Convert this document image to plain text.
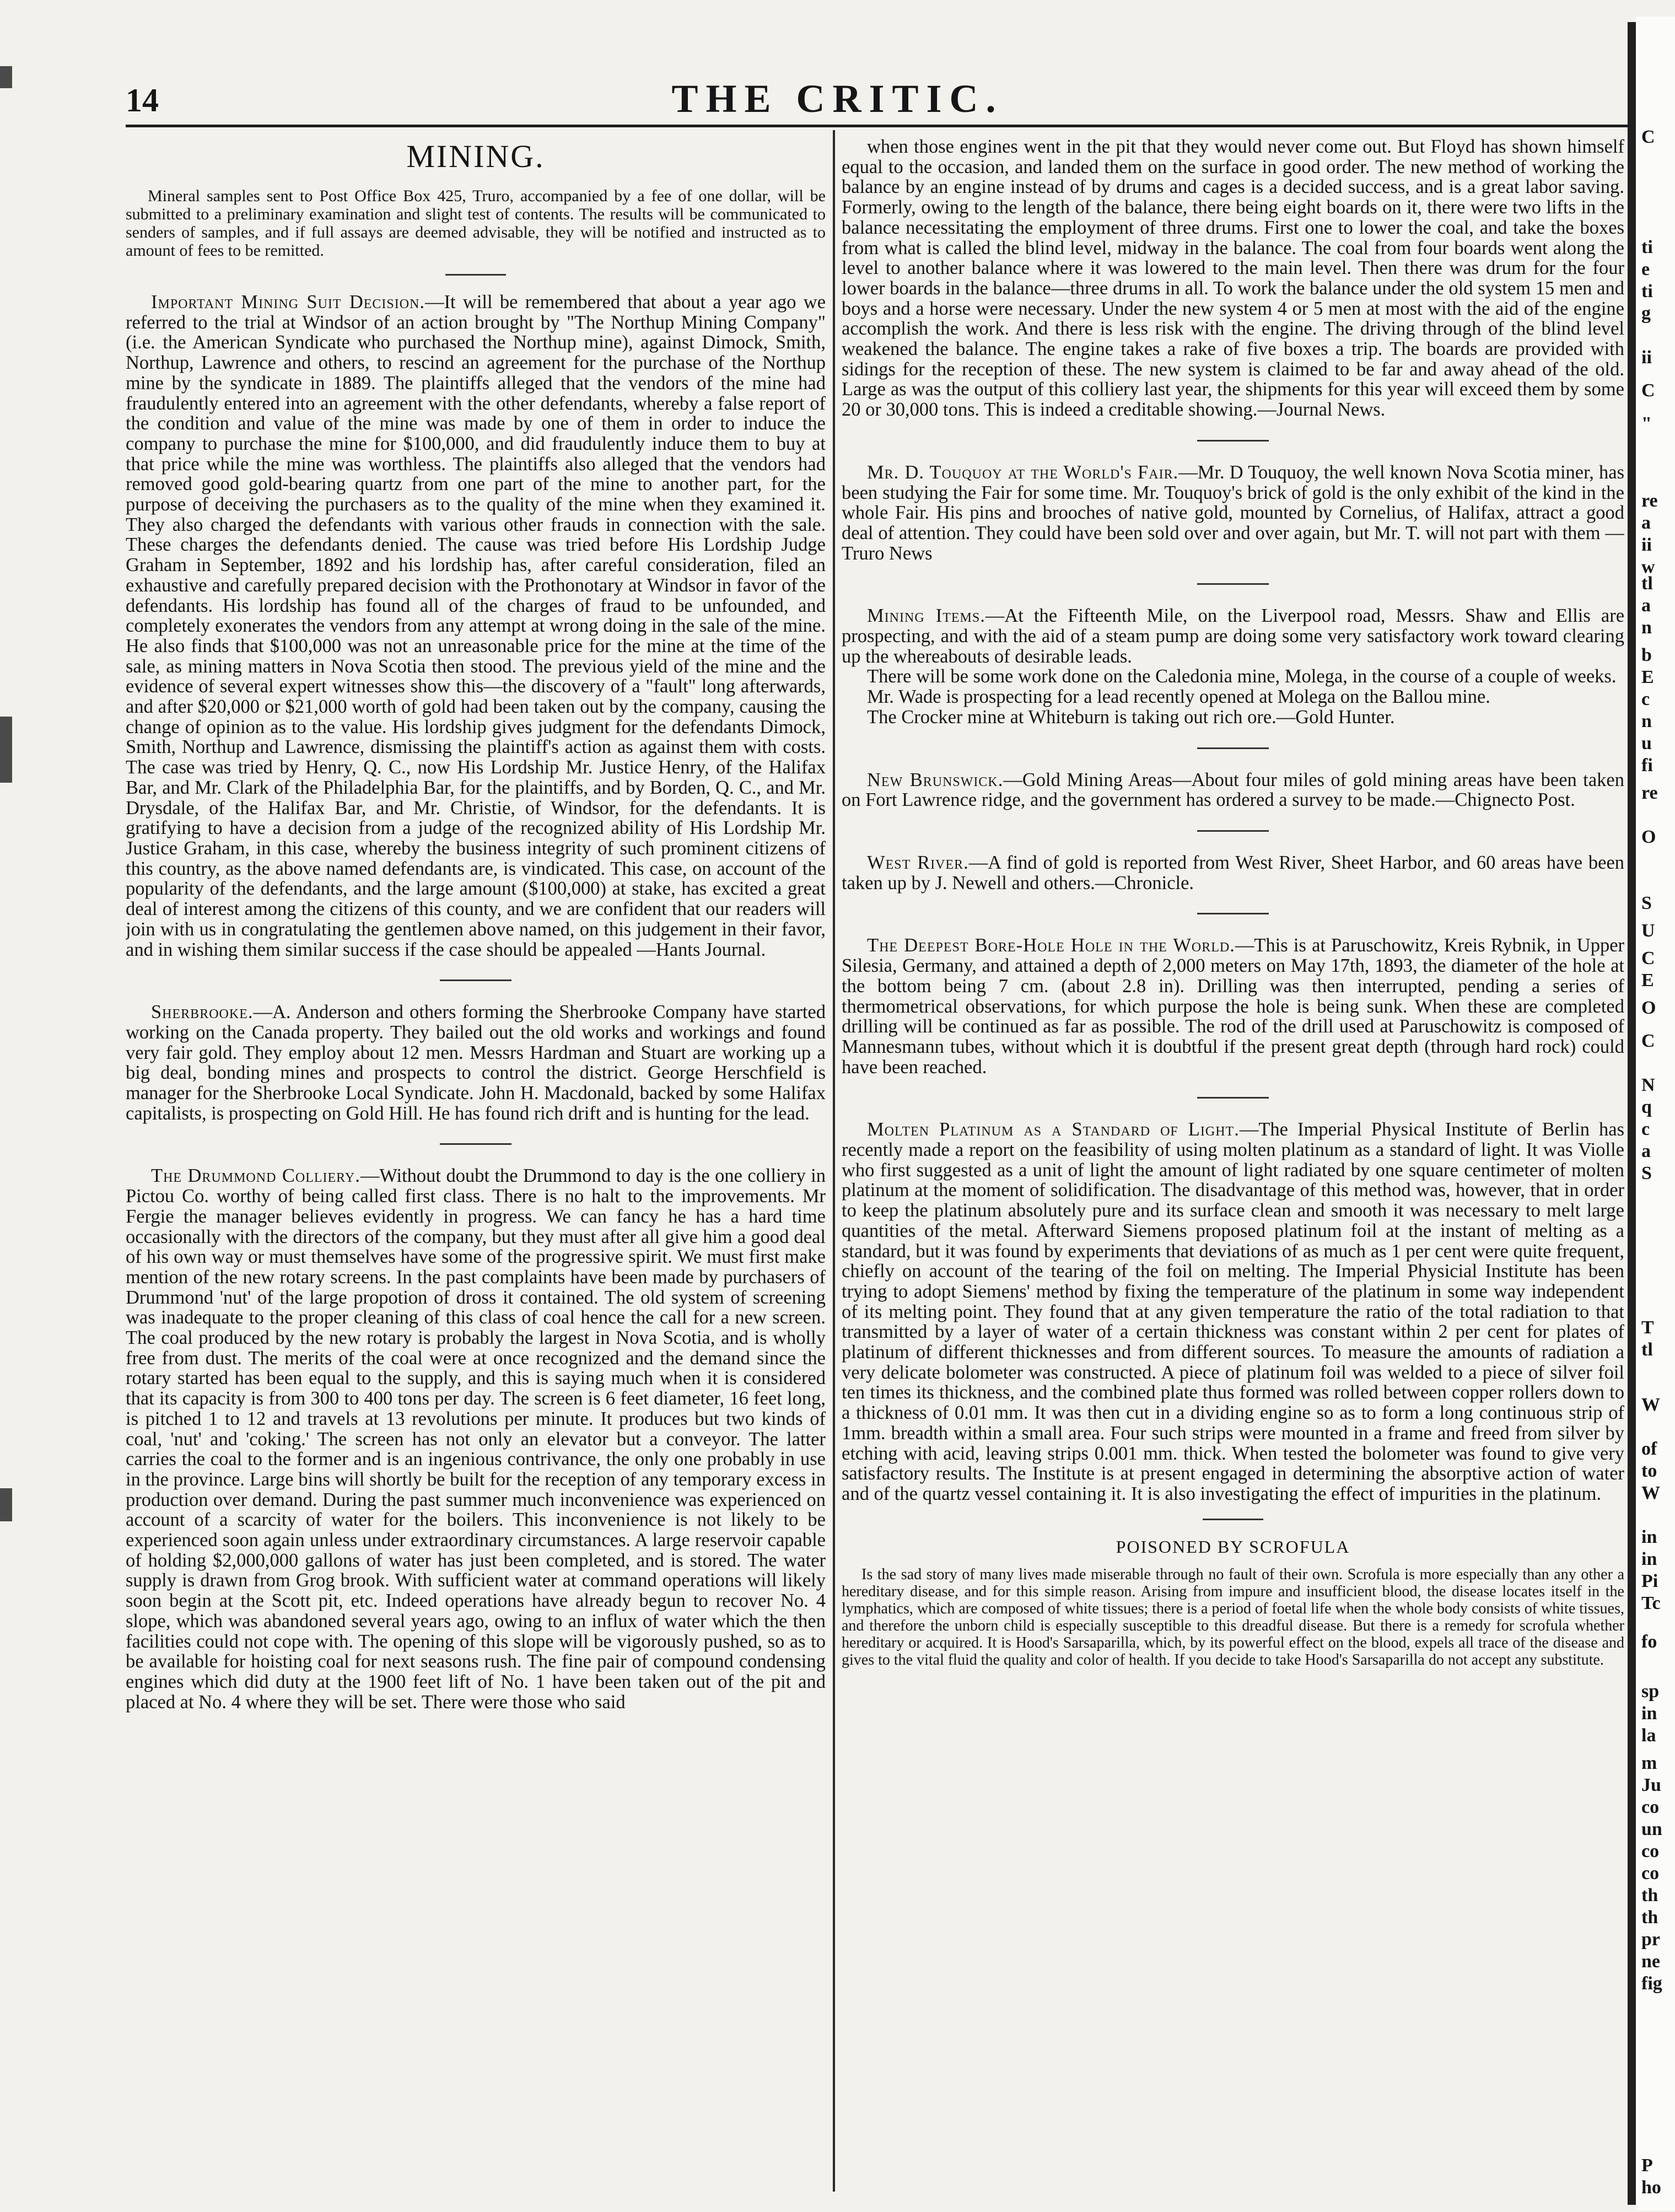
14	THE CRITIC.
MINING.

Mineral samples sent to Post Office Box 425, Truro, accompanied by a fee of one dollar, will be submitted to a preliminary examination and slight test of contents. The results will be communicated to senders of samples, and if full assays are deemed advisable, they will be notified and instructed as to amount of fees to be remitted.

Important Mining Suit Decision.—It will be remembered that about a year ago we referred to the trial at Windsor of an action brought by "The Northup Mining Company" (i.e. the American Syndicate who purchased the Northup mine), against Dimock, Smith, Northup, Lawrence and others, to rescind an agreement for the purchase of the Northup mine by the syndicate in 1889. The plaintiffs alleged that the vendors of the mine had fraudulently entered into an agreement with the other defendants, whereby a false report of the condition and value of the mine was made by one of them in order to induce the company to purchase the mine for $100,000, and did fraudulently induce them to buy at that price while the mine was worthless. The plaintiffs also alleged that the vendors had removed good gold-bearing quartz from one part of the mine to another part, for the purpose of deceiving the purchasers as to the quality of the mine when they examined it. They also charged the defendants with various other frauds in connection with the sale. These charges the defendants denied. The cause was tried before His Lordship Judge Graham in September, 1892 and his lordship has, after careful consideration, filed an exhaustive and carefully prepared decision with the Prothonotary at Windsor in favor of the defendants. His lordship has found all of the charges of fraud to be unfounded, and completely exonerates the vendors from any attempt at wrong doing in the sale of the mine. He also finds that $100,000 was not an unreasonable price for the mine at the time of the sale, as mining matters in Nova Scotia then stood. The previous yield of the mine and the evidence of several expert witnesses show this—the discovery of a "fault" long afterwards, and after $20,000 or $21,000 worth of gold had been taken out by the company, causing the change of opinion as to the value. His lordship gives judgment for the defendants Dimock, Smith, Northup and Lawrence, dismissing the plaintiff's action as against them with costs. The case was tried by Henry, Q. C., now His Lordship Mr. Justice Henry, of the Halifax Bar, and Mr. Clark of the Philadelphia Bar, for the plaintiffs, and by Borden, Q. C., and Mr. Drysdale, of the Halifax Bar, and Mr. Christie, of Windsor, for the defendants. It is gratifying to have a decision from a judge of the recognized ability of His Lordship Mr. Justice Graham, in this case, whereby the business integrity of such prominent citizens of this country, as the above named defendants are, is vindicated. This case, on account of the popularity of the defendants, and the large amount ($100,000) at stake, has excited a great deal of interest among the citizens of this county, and we are confident that our readers will join with us in congratulating the gentlemen above named, on this judgement in their favor, and in wishing them similar success if the case should be appealed —Hants Journal.

Sherbrooke.—A. Anderson and others forming the Sherbrooke Company have started working on the Canada property. They bailed out the old works and workings and found very fair gold. They employ about 12 men. Messrs Hardman and Stuart are working up a big deal, bonding mines and prospects to control the district. George Herschfield is manager for the Sherbrooke Local Syndicate. John H. Macdonald, backed by some Halifax capitalists, is prospecting on Gold Hill. He has found rich drift and is hunting for the lead.

The Drummond Colliery.—Without doubt the Drummond to day is the one colliery in Pictou Co. worthy of being called first class. There is no halt to the improvements. Mr Fergie the manager believes evidently in progress. We can fancy he has a hard time occasionally with the directors of the company, but they must after all give him a good deal of his own way or must themselves have some of the progressive spirit. We must first make mention of the new rotary screens. In the past complaints have been made by purchasers of Drummond 'nut' of the large propotion of dross it contained. The old system of screening was inadequate to the proper cleaning of this class of coal hence the call for a new screen. The coal produced by the new rotary is probably the largest in Nova Scotia, and is wholly free from dust. The merits of the coal were at once recognized and the demand since the rotary started has been equal to the supply, and this is saying much when it is considered that its capacity is from 300 to 400 tons per day. The screen is 6 feet diameter, 16 feet long, is pitched 1 to 12 and travels at 13 revolutions per minute. It produces but two kinds of coal, 'nut' and 'coking.' The screen has not only an elevator but a conveyor. The latter carries the coal to the former and is an ingenious contrivance, the only one probably in use in the province. Large bins will shortly be built for the reception of any temporary excess in production over demand. During the past summer much inconvenience was experienced on account of a scarcity of water for the boilers. This inconvenience is not likely to be experienced soon again unless under extraordinary circumstances. A large reservoir capable of holding $2,000,000 gallons of water has just been completed, and is stored. The water supply is drawn from Grog brook. With sufficient water at command operations will likely soon begin at the Scott pit, etc. Indeed operations have already begun to recover No. 4 slope, which was abandoned several years ago, owing to an influx of water which the then facilities could not cope with. The opening of this slope will be vigorously pushed, so as to be available for hoisting coal for next seasons rush. The fine pair of compound condensing engines which did duty at the 1900 feet lift of No. 1 have been taken out of the pit and placed at No. 4 where they will be set. There were those who said

when those engines went in the pit that they would never come out. But Floyd has shown himself equal to the occasion, and landed them on the surface in good order. The new method of working the balance by an engine instead of by drums and cages is a decided success, and is a great labor saving. Formerly, owing to the length of the balance, there being eight boards on it, there were two lifts in the balance necessitating the employment of three drums. First one to lower the coal, and take the boxes from what is called the blind level, midway in the balance. The coal from four boards went along the level to another balance where it was lowered to the main level. Then there was drum for the four lower boards in the balance—three drums in all. To work the balance under the old system 15 men and boys and a horse were necessary. Under the new system 4 or 5 men at most with the aid of the engine accomplish the work. And there is less risk with the engine. The driving through of the blind level weakened the balance. The engine takes a rake of five boxes a trip. The boards are provided with sidings for the reception of these. The new system is claimed to be far and away ahead of the old. Large as was the output of this colliery last year, the shipments for this year will exceed them by some 20 or 30,000 tons. This is indeed a creditable showing.—Journal News.

Mr. D. Touquoy at the World's Fair.—Mr. D Touquoy, the well known Nova Scotia miner, has been studying the Fair for some time. Mr. Touquoy's brick of gold is the only exhibit of the kind in the whole Fair. His pins and brooches of native gold, mounted by Cornelius, of Halifax, attract a good deal of attention. They could have been sold over and over again, but Mr. T. will not part with them —Truro News

Mining Items.—At the Fifteenth Mile, on the Liverpool road, Messrs. Shaw and Ellis are prospecting, and with the aid of a steam pump are doing some very satisfactory work toward clearing up the whereabouts of desirable leads.

There will be some work done on the Caledonia mine, Molega, in the course of a couple of weeks.

Mr. Wade is prospecting for a lead recently opened at Molega on the Ballou mine.

The Crocker mine at Whiteburn is taking out rich ore.—Gold Hunter.

New Brunswick.—Gold Mining Areas—About four miles of gold mining areas have been taken on Fort Lawrence ridge, and the government has ordered a survey to be made.—Chignecto Post.

West River.—A find of gold is reported from West River, Sheet Harbor, and 60 areas have been taken up by J. Newell and others.—Chronicle.

The Deepest Bore-Hole Hole in the World.—This is at Paruschowitz, Kreis Rybnik, in Upper Silesia, Germany, and attained a depth of 2,000 meters on May 17th, 1893, the diameter of the hole at the bottom being 7 cm. (about 2.8 in). Drilling was then interrupted, pending a series of thermometrical observations, for which purpose the hole is being sunk. When these are completed drilling will be continued as far as possible. The rod of the drill used at Paruschowitz is composed of Mannesmann tubes, without which it is doubtful if the present great depth (through hard rock) could have been reached.

Molten Platinum as a Standard of Light.—The Imperial Physical Institute of Berlin has recently made a report on the feasibility of using molten platinum as a standard of light. It was Violle who first suggested as a unit of light the amount of light radiated by one square centimeter of molten platinum at the moment of solidification. The disadvantage of this method was, however, that in order to keep the platinum absolutely pure and its surface clean and smooth it was necessary to melt large quantities of the metal. Afterward Siemens proposed platinum foil at the instant of melting as a standard, but it was found by experiments that deviations of as much as 1 per cent were quite frequent, chiefly on account of the tearing of the foil on melting. The Imperial Physicial Institute has been trying to adopt Siemens' method by fixing the temperature of the platinum in some way independent of its melting point. They found that at any given temperature the ratio of the total radiation to that transmitted by a layer of water of a certain thickness was constant within 2 per cent for plates of platinum of different thicknesses and from different sources. To measure the amounts of radiation a very delicate bolometer was constructed. A piece of platinum foil was welded to a piece of silver foil ten times its thickness, and the combined plate thus formed was rolled between copper rollers down to a thickness of 0.01 mm. It was then cut in a dividing engine so as to form a long continuous strip of 1mm. breadth within a small area. Four such strips were mounted in a frame and freed from silver by etching with acid, leaving strips 0.001 mm. thick. When tested the bolometer was found to give very satisfactory results. The Institute is at present engaged in determining the absorptive action of water and of the quartz vessel containing it. It is also investigating the effect of impurities in the platinum.

POISONED BY SCROFULA

Is the sad story of many lives made miserable through no fault of their own. Scrofula is more especially than any other a hereditary disease, and for this simple reason. Arising from impure and insufficient blood, the disease locates itself in the lymphatics, which are composed of white tissues; there is a period of foetal life when the whole body consists of white tissues, and therefore the unborn child is especially susceptible to this dreadful disease. But there is a remedy for scrofula whether hereditary or acquired. It is Hood's Sarsaparilla, which, by its powerful effect on the blood, expels all trace of the disease and gives to the vital fluid the quality and color of health. If you decide to take Hood's Sarsaparilla do not accept any substitute.

C
ti
e
ti
g
ii
C
"
re
a
ii
w
tl
a
n
b
E
c
n
u
fi
re
O
S
U
C
E
O
C
N
q
c
a
S
T
tl
W
of
to
W
in
in
Pi
Tc
fo
sp
in
la
m
Ju
co
un
co
co
th
th
pr
ne
fig
P
ho
